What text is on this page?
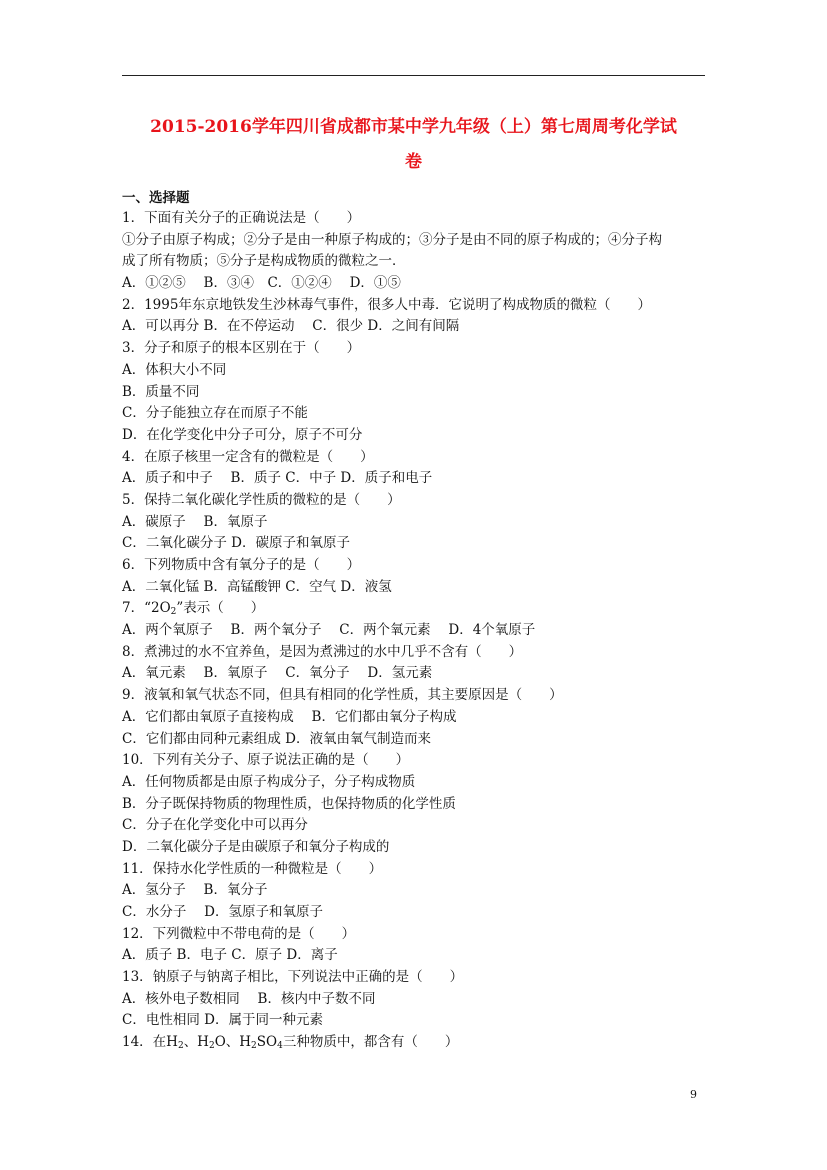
2015-2016学年四川省成都市某中学九年级（上）第七周周考化学试
卷
一、选择题
1．下面有关分子的正确说法是（　　）
①分子由原子构成；②分子是由一种原子构成的；③分子是由不同的原子构成的；④分子构
成了所有物质；⑤分子是构成物质的微粒之一．
A．①②⑤　 B．③④　C．①②④　 D．①⑤
2．1995年东京地铁发生沙林毒气事件，很多人中毒．它说明了构成物质的微粒（　　）
A．可以再分 B．在不停运动　 C．很少 D．之间有间隔
3．分子和原子的根本区别在于（　　）
A．体积大小不同
B．质量不同
C．分子能独立存在而原子不能
D．在化学变化中分子可分，原子不可分
4．在原子核里一定含有的微粒是（　　）
A．质子和中子　 B．质子 C．中子 D．质子和电子
5．保持二氧化碳化学性质的微粒的是（　　）
A．碳原子　 B．氧原子
C．二氧化碳分子 D．碳原子和氧原子
6．下列物质中含有氧分子的是（　　）
A．二氧化锰 B．高锰酸钾 C．空气 D．液氢
7．“$2O_2$”表示（　　）
A．两个氧原子　 B．两个氧分子　 C．两个氧元素　 D．4个氧原子
8．煮沸过的水不宜养鱼，是因为煮沸过的水中几乎不含有（　　）
A．氧元素　 B．氧原子　 C．氧分子　 D．氢元素
9．液氧和氧气状态不同，但具有相同的化学性质，其主要原因是（　　）
A．它们都由氧原子直接构成　 B．它们都由氧分子构成
C．它们都由同种元素组成 D．液氧由氧气制造而来
10．下列有关分子、原子说法正确的是（　　）
A．任何物质都是由原子构成分子，分子构成物质
B．分子既保持物质的物理性质，也保持物质的化学性质
C．分子在化学变化中可以再分
D．二氧化碳分子是由碳原子和氧分子构成的
11．保持水化学性质的一种微粒是（　　）
A．氢分子　 B．氧分子
C．水分子　 D．氢原子和氧原子
12．下列微粒中不带电荷的是（　　）
A．质子 B．电子 C．原子 D．离子
13．钠原子与钠离子相比，下列说法中正确的是（　　）
A．核外电子数相同　 B．核内中子数不同
C．电性相同 D．属于同一种元素
14．在$H_2$、$H_2O$、$H_2SO_4$三种物质中，都含有（　　）
9
